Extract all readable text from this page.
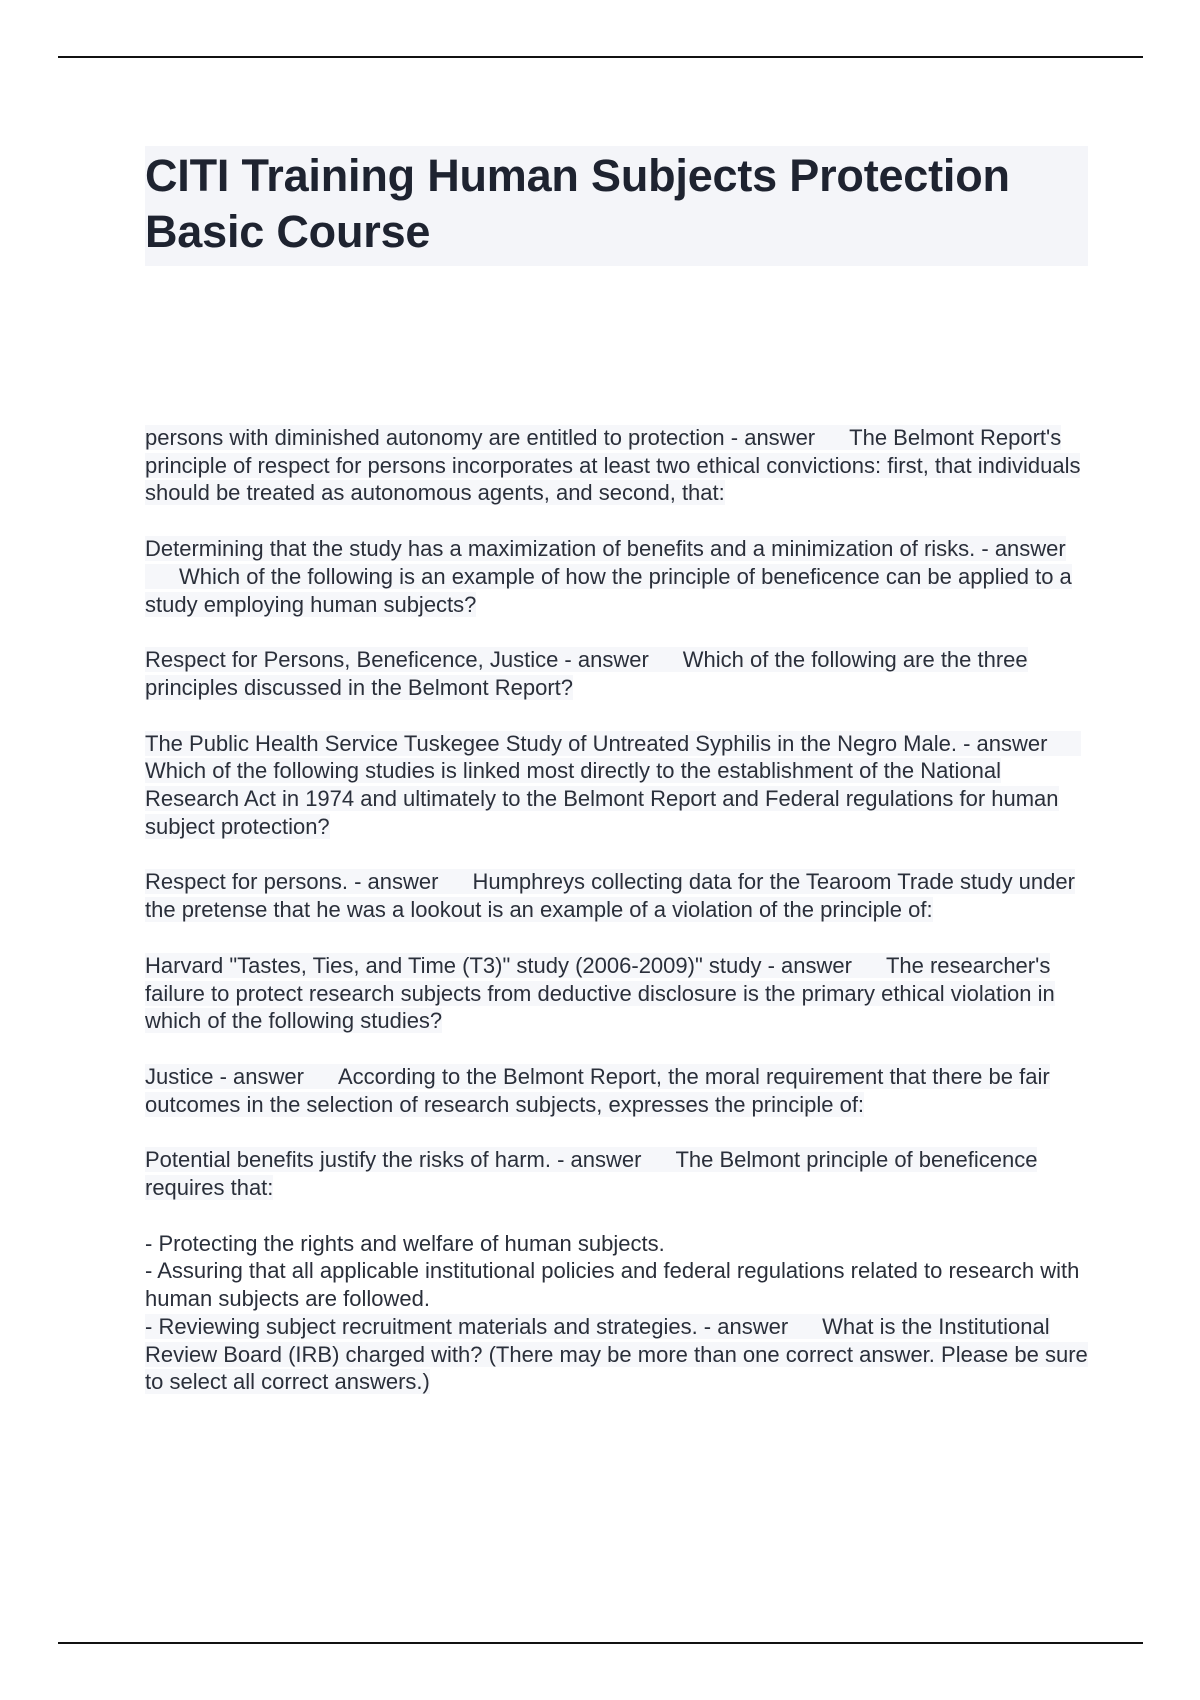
CITI Training Human Subjects Protection Basic Course

persons with diminished autonomy are entitled to protection - answer The Belmont Report's principle of respect for persons incorporates at least two ethical convictions: first, that individuals should be treated as autonomous agents, and second, that:

Determining that the study has a maximization of benefits and a minimization of risks. - answerWhich of the following is an example of how the principle of beneficence can be applied to a study employing human subjects?

Respect for Persons, Beneficence, Justice - answer Which of the following are the three principles discussed in the Belmont Report?

The Public Health Service Tuskegee Study of Untreated Syphilis in the Negro Male. - answerWhich of the following studies is linked most directly to the establishment of the National Research Act in 1974 and ultimately to the Belmont Report and Federal regulations for human subject protection?

Respect for persons. - answer Humphreys collecting data for the Tearoom Trade study under the pretense that he was a lookout is an example of a violation of the principle of:

Harvard "Tastes, Ties, and Time (T3)" study (2006-2009)" study - answer The researcher's failure to protect research subjects from deductive disclosure is the primary ethical violation in which of the following studies?

Justice - answer According to the Belmont Report, the moral requirement that there be fair outcomes in the selection of research subjects, expresses the principle of:

Potential benefits justify the risks of harm. - answer The Belmont principle of beneficence requires that:

- Protecting the rights and welfare of human subjects.
- Assuring that all applicable institutional policies and federal regulations related to research with human subjects are followed.
- Reviewing subject recruitment materials and strategies. - answer What is the Institutional Review Board (IRB) charged with? (There may be more than one correct answer. Please be sure to select all correct answers.)
